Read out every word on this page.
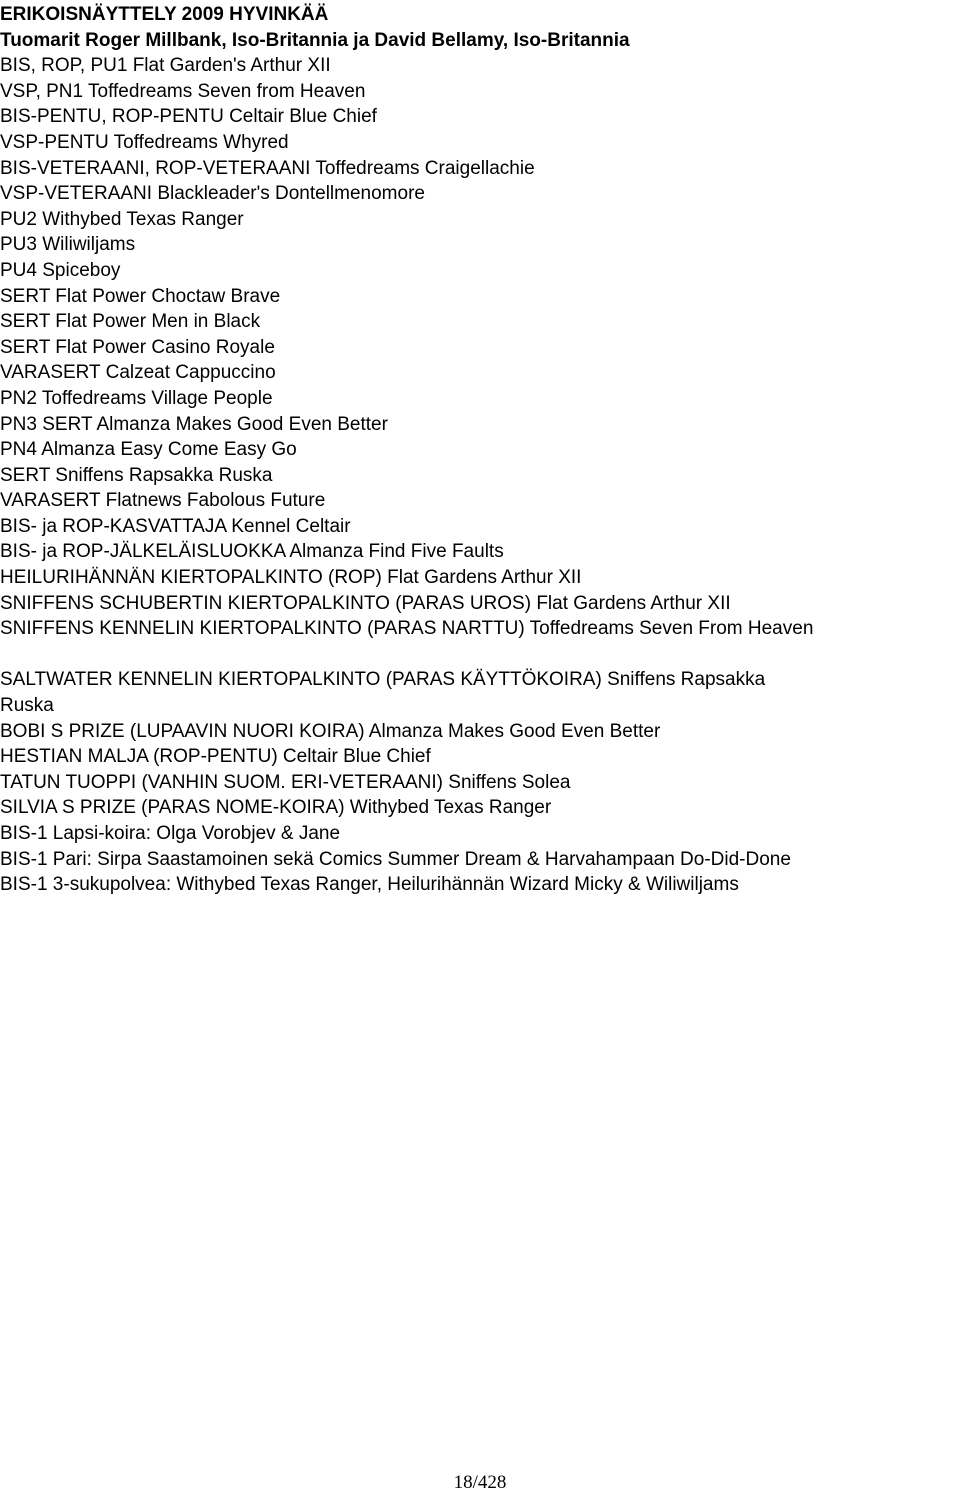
ERIKOISNÄYTTELY 2009 HYVINKÄÄ

Tuomarit Roger Millbank, Iso-Britannia ja David Bellamy, Iso-Britannia

BIS, ROP, PU1 Flat Garden's Arthur XII

VSP, PN1 Toffedreams Seven from Heaven

BIS-PENTU, ROP-PENTU Celtair Blue Chief

VSP-PENTU Toffedreams Whyred

BIS-VETERAANI, ROP-VETERAANI Toffedreams Craigellachie

VSP-VETERAANI Blackleader's Dontellmenomore

PU2 Withybed Texas Ranger

PU3 Wiliwiljams

PU4 Spiceboy

SERT Flat Power Choctaw Brave

SERT Flat Power Men in Black

SERT Flat Power Casino Royale

VARASERT Calzeat Cappuccino

PN2 Toffedreams Village People

PN3 SERT Almanza Makes Good Even Better

PN4 Almanza Easy Come Easy Go

SERT Sniffens Rapsakka Ruska

VARASERT Flatnews Fabolous Future

BIS- ja ROP-KASVATTAJA Kennel Celtair

BIS- ja ROP-JÄLKELÄISLUOKKA Almanza Find Five Faults

HEILURIHÄNNÄN KIERTOPALKINTO (ROP) Flat Gardens Arthur XII

SNIFFENS SCHUBERTIN KIERTOPALKINTO (PARAS UROS) Flat Gardens Arthur XII

SNIFFENS KENNELIN KIERTOPALKINTO (PARAS NARTTU) Toffedreams Seven From Heaven

SALTWATER KENNELIN KIERTOPALKINTO (PARAS KÄYTTÖKOIRA) Sniffens Rapsakka

Ruska

BOBI S PRIZE (LUPAAVIN NUORI KOIRA) Almanza Makes Good Even Better

HESTIAN MALJA (ROP-PENTU) Celtair Blue Chief

TATUN TUOPPI (VANHIN SUOM. ERI-VETERAANI) Sniffens Solea

SILVIA S PRIZE (PARAS NOME-KOIRA) Withybed Texas Ranger

BIS-1 Lapsi-koira: Olga Vorobjev & Jane

BIS-1 Pari: Sirpa Saastamoinen sekä Comics Summer Dream & Harvahampaan Do-Did-Done

BIS-1 3-sukupolvea: Withybed Texas Ranger, Heilurihännän Wizard Micky & Wiliwiljams

18/428
